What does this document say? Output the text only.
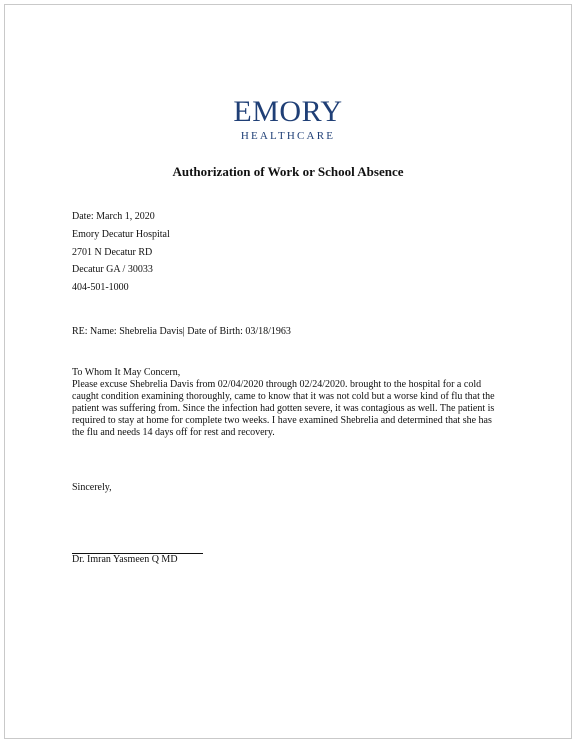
EMORY
HEALTHCARE
Authorization of Work or School Absence
Date: March 1, 2020
Emory Decatur Hospital
2701 N Decatur RD
Decatur GA / 30033
404-501-1000
RE: Name: Shebrelia Davis| Date of Birth: 03/18/1963
To Whom It May Concern,
Please excuse Shebrelia Davis from 02/04/2020 through 02/24/2020. brought to the hospital for a cold
caught condition examining thoroughly, came to know that it was not cold but a worse kind of flu that the
patient was suffering from. Since the infection had gotten severe, it was contagious as well. The patient is
required to stay at home for complete two weeks. I have examined Shebrelia and determined that she has
the flu and needs 14 days off for rest and recovery.
Sincerely,
Dr. Imran Yasmeen Q MD
